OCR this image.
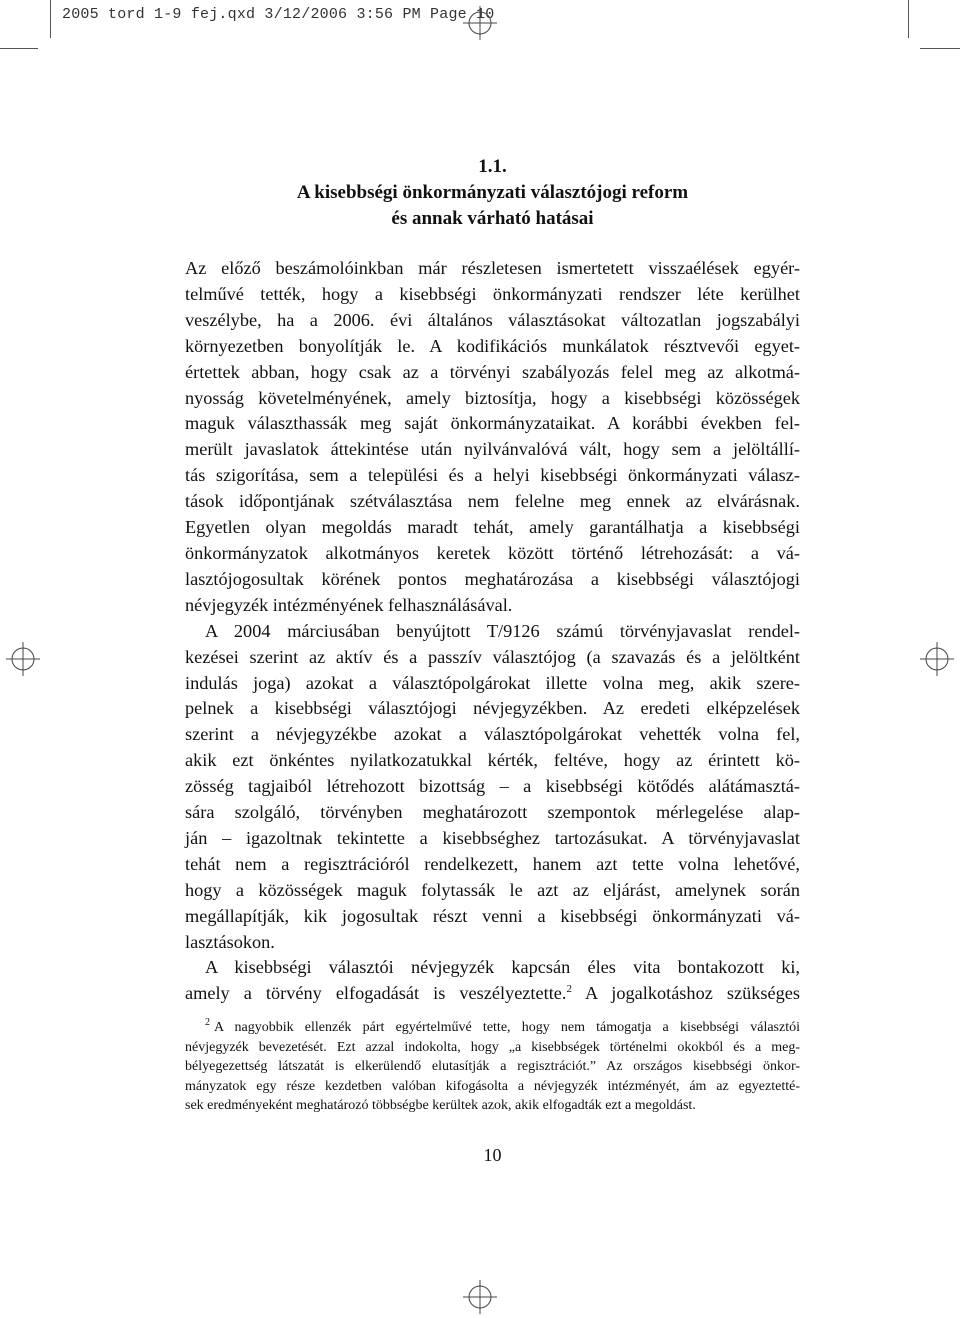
2005 tord 1-9 fej.qxd 3/12/2006 3:56 PM Page 10
1.1.
A kisebbségi önkormányzati választójogi reform
és annak várható hatásai

Az előző beszámolóinkban már részletesen ismertetett visszaélések egyér-
telművé tették, hogy a kisebbségi önkormányzati rendszer léte kerülhet
veszélybe, ha a 2006. évi általános választásokat változatlan jogszabályi
környezetben bonyolítják le. A kodifikációs munkálatok résztvevői egyet-
értettek abban, hogy csak az a törvényi szabályozás felel meg az alkotmá-
nyosság követelményének, amely biztosítja, hogy a kisebbségi közösségek
maguk választhassák meg saját önkormányzataikat. A korábbi években fel-
merült javaslatok áttekintése után nyilvánvalóvá vált, hogy sem a jelöltállí-
tás szigorítása, sem a települési és a helyi kisebbségi önkormányzati válasz-
tások időpontjának szétválasztása nem felelne meg ennek az elvárásnak.
Egyetlen olyan megoldás maradt tehát, amely garantálhatja a kisebbségi
önkormányzatok alkotmányos keretek között történő létrehozását: a vá-
lasztójogosultak körének pontos meghatározása a kisebbségi választójogi
névjegyzék intézményének felhasználásával.

A 2004 márciusában benyújtott T/9126 számú törvényjavaslat rendel-
kezései szerint az aktív és a passzív választójog (a szavazás és a jelöltként
indulás joga) azokat a választópolgárokat illette volna meg, akik szere-
pelnek a kisebbségi választójogi névjegyzékben. Az eredeti elképzelések
szerint a névjegyzékbe azokat a választópolgárokat vehették volna fel,
akik ezt önkéntes nyilatkozatukkal kérték, feltéve, hogy az érintett kö-
zösség tagjaiból létrehozott bizottság – a kisebbségi kötődés alátámasztá-
sára szolgáló, törvényben meghatározott szempontok mérlegelése alap-
ján – igazoltnak tekintette a kisebbséghez tartozásukat. A törvényjavaslat
tehát nem a regisztrációról rendelkezett, hanem azt tette volna lehetővé,
hogy a közösségek maguk folytassák le azt az eljárást, amelynek során
megállapítják, kik jogosultak részt venni a kisebbségi önkormányzati vá-
lasztásokon.

A kisebbségi választói névjegyzék kapcsán éles vita bontakozott ki,
amely a törvény elfogadását is veszélyeztette.$^2$ A jogalkotáshoz szükséges

$^2$ A nagyobbik ellenzék párt egyértelművé tette, hogy nem támogatja a kisebbségi választói
névjegyzék bevezetését. Ezt azzal indokolta, hogy „a kisebbségek történelmi okokból és a meg-
bélyegezettség látszatát is elkerülendő elutasítják a regisztrációt.” Az országos kisebbségi önkor-
mányzatok egy része kezdetben valóban kifogásolta a névjegyzék intézményét, ám az egyeztetté-
sek eredményeként meghatározó többségbe kerültek azok, akik elfogadták ezt a megoldást.
10
